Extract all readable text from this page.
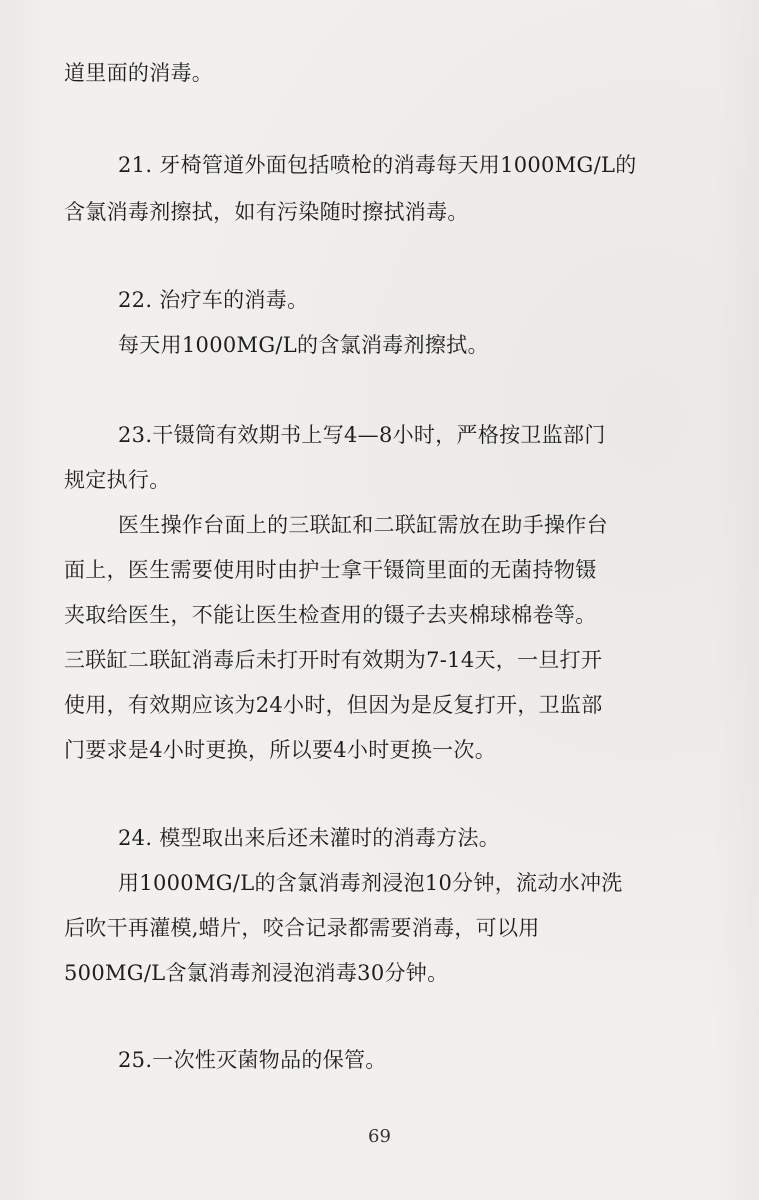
道里面的消毒。
21. 牙椅管道外面包括喷枪的消毒每天用1000MG/L的
含氯消毒剂擦拭，如有污染随时擦拭消毒。
22. 治疗车的消毒。
每天用1000MG/L的含氯消毒剂擦拭。
23.干镊筒有效期书上写4—8小时，严格按卫监部门
规定执行。
医生操作台面上的三联缸和二联缸需放在助手操作台
面上，医生需要使用时由护士拿干镊筒里面的无菌持物镊
夹取给医生，不能让医生检查用的镊子去夹棉球棉卷等。
三联缸二联缸消毒后未打开时有效期为7-14天，一旦打开
使用，有效期应该为24小时，但因为是反复打开，卫监部
门要求是4小时更换，所以要4小时更换一次。
24. 模型取出来后还未灌时的消毒方法。
用1000MG/L的含氯消毒剂浸泡10分钟，流动水冲洗
后吹干再灌模,蜡片，咬合记录都需要消毒，可以用
500MG/L含氯消毒剂浸泡消毒30分钟。
25.一次性灭菌物品的保管。
69
